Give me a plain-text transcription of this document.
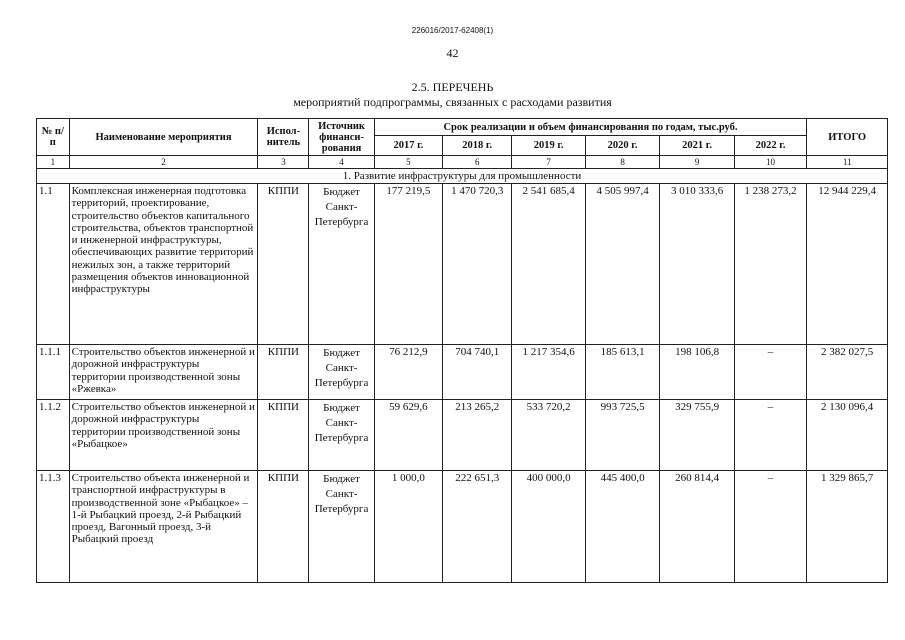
226016/2017-62408(1)
42
2.5. ПЕРЕЧЕНЬ
мероприятий подпрограммы, связанных с расходами развития
№ п/п	Наименование мероприятия	Испол-нитель	Источник финанси-рования	Срок реализации и объем финансирования по годам, тыс.руб.						ИТОГО
				2017 г.	2018 г.	2019 г.	2020 г.	2021 г.	2022 г.	
1	2	3	4	5	6	7	8	9	10	11
1. Развитие инфраструктуры для промышленности										
1.1	Комплексная инженерная подготовка территорий, проектирование, строительство объектов капитального строительства, объектов транспортной и инженерной инфраструктуры, обеспечивающих развитие территорий нежилых зон, а также территорий размещения объектов инновационной инфраструктуры	КППИ	Бюджет Санкт-Петербурга	177 219,5	1 470 720,3	2 541 685,4	4 505 997,4	3 010 333,6	1 238 273,2	12 944 229,4
1.1.1	Строительство объектов инженерной и дорожной инфраструктуры территории производственной зоны «Ржевка»	КППИ	Бюджет Санкт-Петербурга	76 212,9	704 740,1	1 217 354,6	185 613,1	198 106,8	–	2 382 027,5
1.1.2	Строительство объектов инженерной и дорожной инфраструктуры территории производственной зоны «Рыбацкое»	КППИ	Бюджет Санкт-Петербурга	59 629,6	213 265,2	533 720,2	993 725,5	329 755,9	–	2 130 096,4
1.1.3	Строительство объекта инженерной и транспортной инфраструктуры в производственной зоне «Рыбацкое» – 1-й Рыбацкий проезд, 2-й Рыбацкий проезд, Вагонный проезд, 3-й Рыбацкий проезд	КППИ	Бюджет Санкт-Петербурга	1 000,0	222 651,3	400 000,0	445 400,0	260 814,4	–	1 329 865,7
